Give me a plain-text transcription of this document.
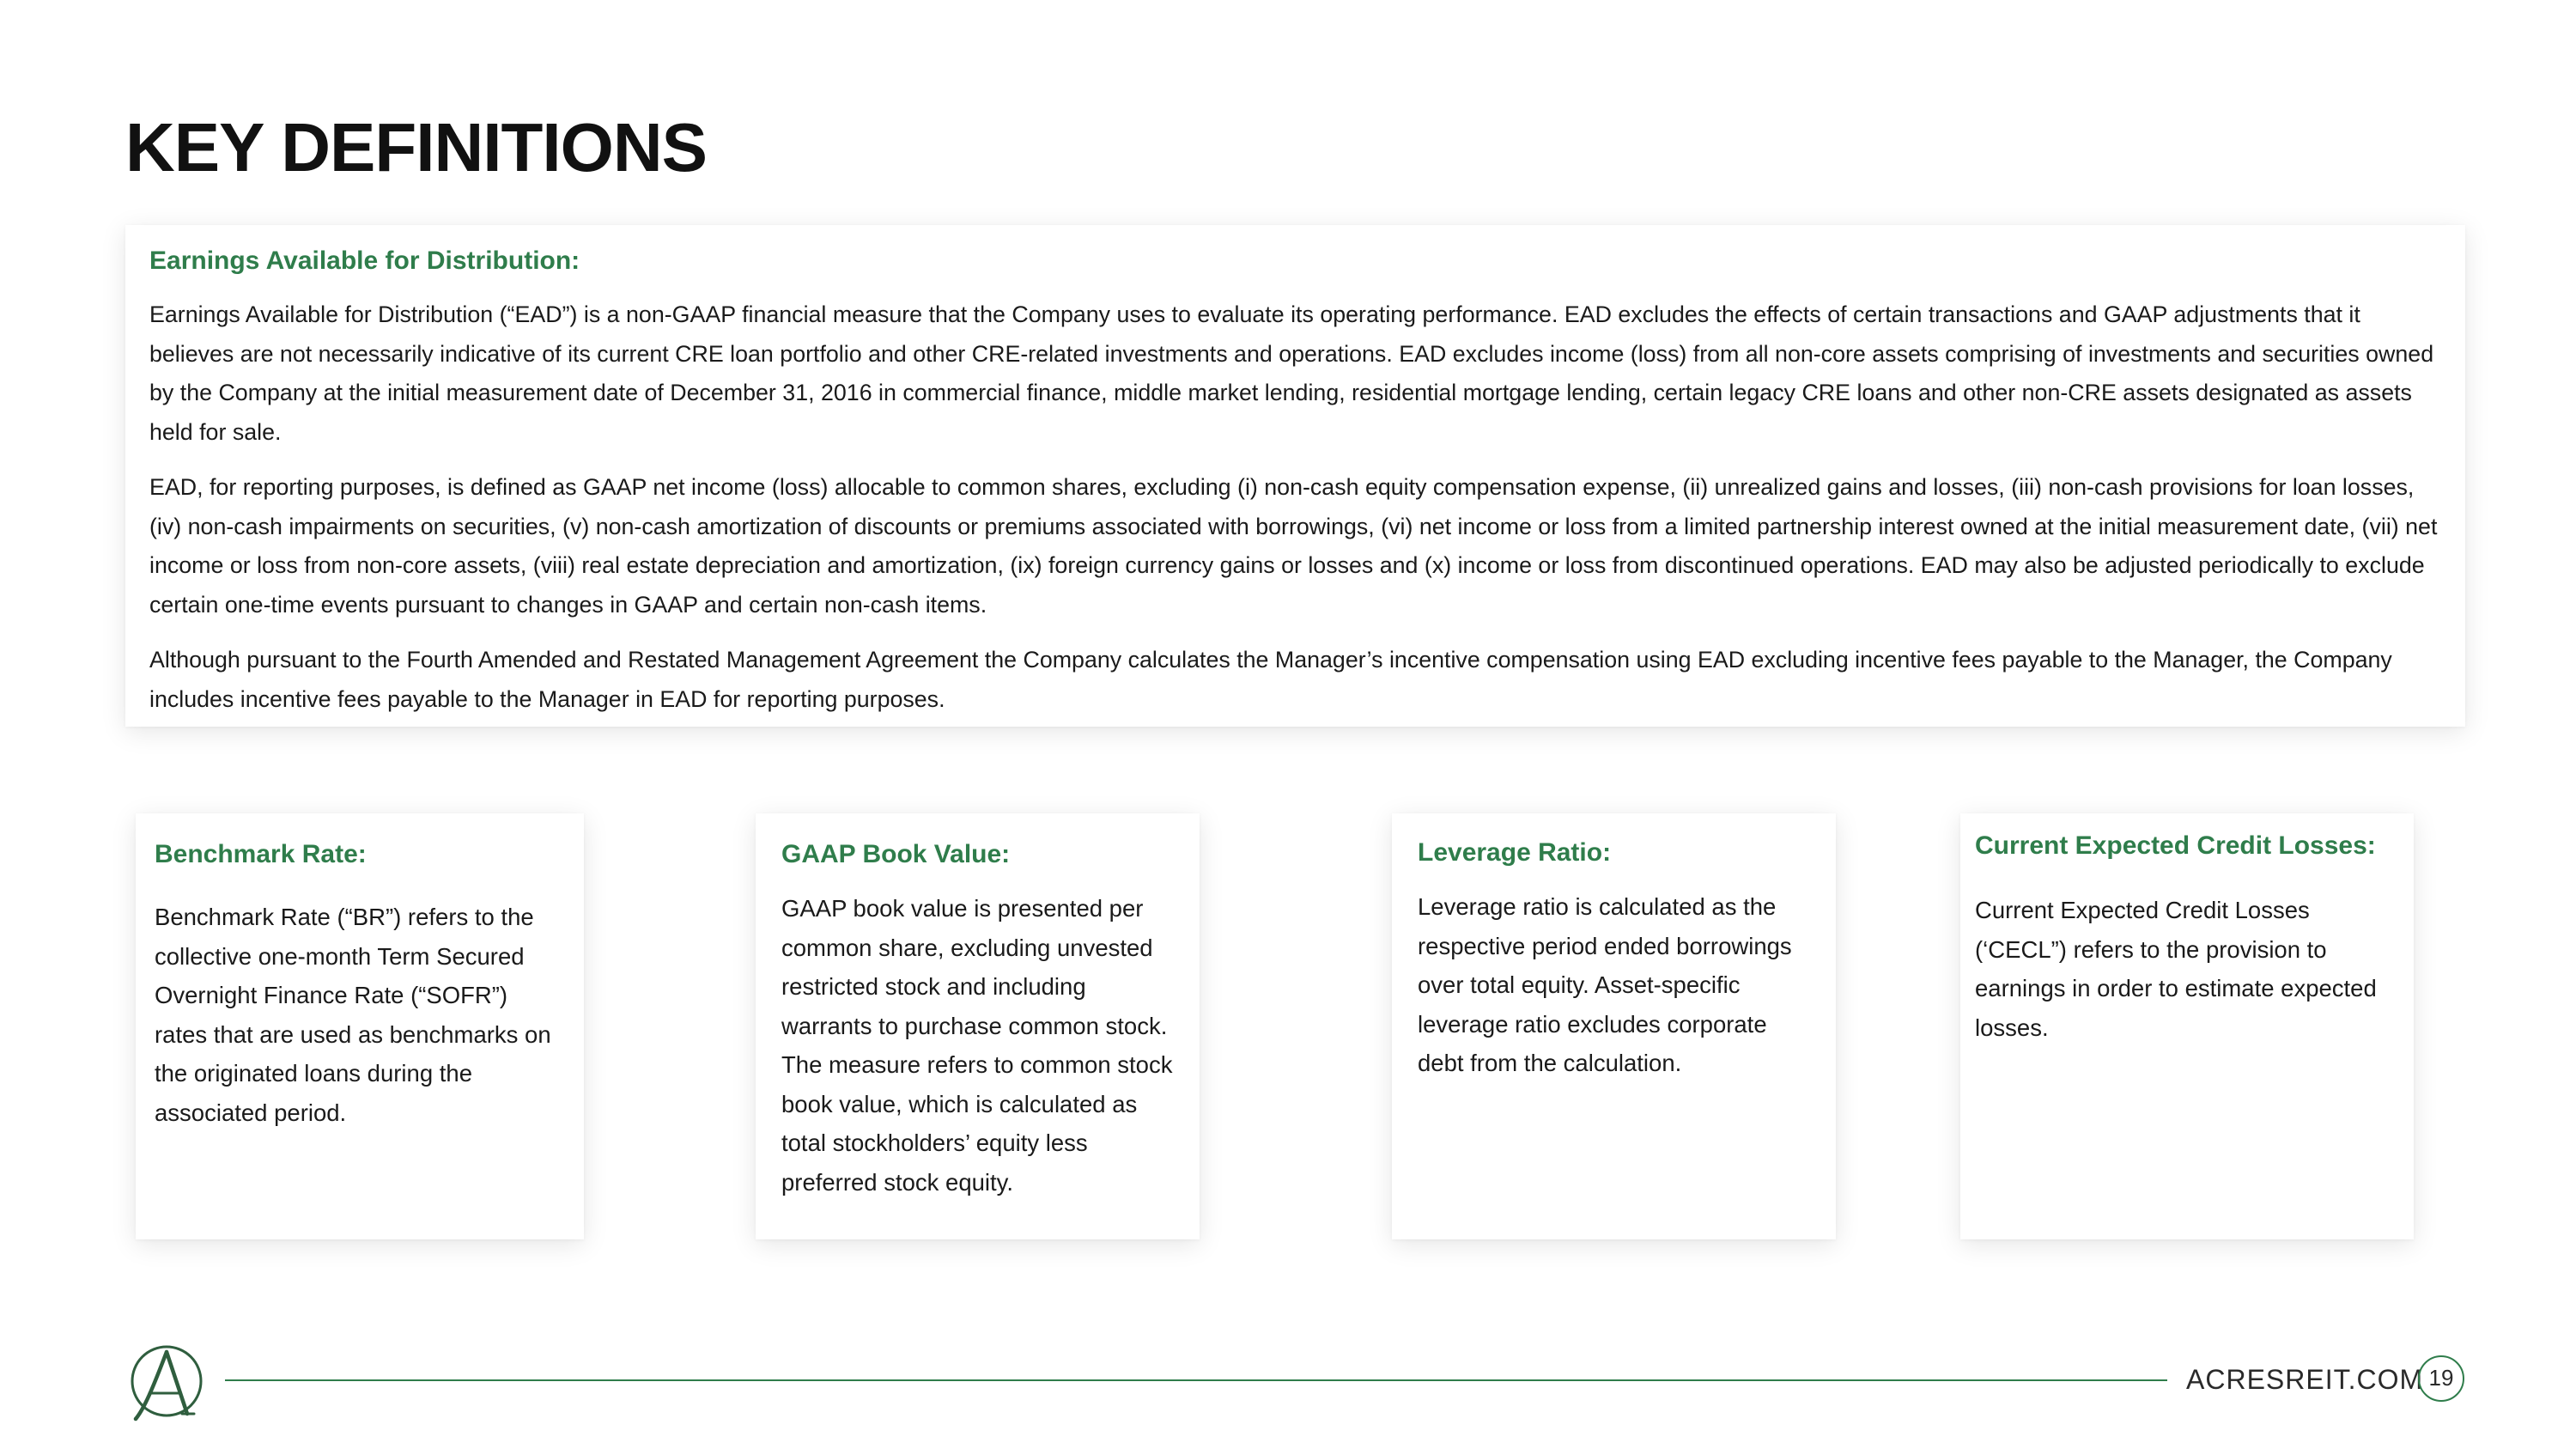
KEY DEFINITIONS
Earnings Available for Distribution:

Earnings Available for Distribution (“EAD”) is a non-GAAP financial measure that the Company uses to evaluate its operating performance. EAD excludes the effects of certain transactions and GAAP adjustments that it believes are not necessarily indicative of its current CRE loan portfolio and other CRE-related investments and operations. EAD excludes income (loss) from all non-core assets comprising of investments and securities owned by the Company at the initial measurement date of December 31, 2016 in commercial finance, middle market lending, residential mortgage lending, certain legacy CRE loans and other non-CRE assets designated as assets held for sale.

EAD, for reporting purposes, is defined as GAAP net income (loss) allocable to common shares, excluding (i) non-cash equity compensation expense, (ii) unrealized gains and losses, (iii) non-cash provisions for loan losses, (iv) non-cash impairments on securities, (v) non-cash amortization of discounts or premiums associated with borrowings, (vi) net income or loss from a limited partnership interest owned at the initial measurement date, (vii) net income or loss from non-core assets, (viii) real estate depreciation and amortization, (ix) foreign currency gains or losses and (x) income or loss from discontinued operations. EAD may also be adjusted periodically to exclude certain one-time events pursuant to changes in GAAP and certain non-cash items.

Although pursuant to the Fourth Amended and Restated Management Agreement the Company calculates the Manager’s incentive compensation using EAD excluding incentive fees payable to the Manager, the Company includes incentive fees payable to the Manager in EAD for reporting purposes.

Benchmark Rate:

Benchmark Rate (“BR”) refers to the collective one-month Term Secured Overnight Finance Rate (“SOFR”) rates that are used as benchmarks on the originated loans during the associated period.

GAAP Book Value:

GAAP book value is presented per common share, excluding unvested restricted stock and including warrants to purchase common stock. The measure refers to common stock book value, which is calculated as total stockholders’ equity less preferred stock equity.

Leverage Ratio:

Leverage ratio is calculated as the respective period ended borrowings over total equity. Asset-specific leverage ratio excludes corporate debt from the calculation.

Current Expected Credit Losses:

Current Expected Credit Losses (‘CECL”) refers to the provision to earnings in order to estimate expected losses.

ACRESREIT.COM 19
